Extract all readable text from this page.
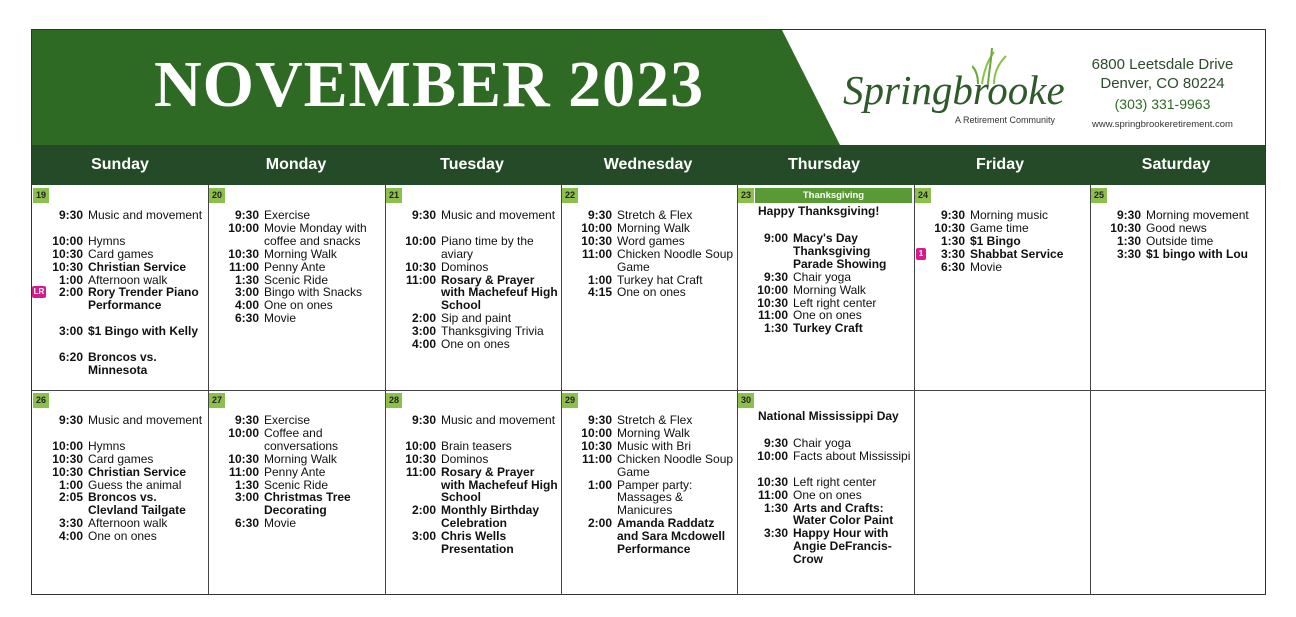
NOVEMBER 2023	Springbrooke
A Retirement Community
6800 Leetsdale Drive
Denver, CO 80224
(303) 331-9963
www.springbrookeretirement.com
Sunday	Monday	Tuesday	Wednesday	Thursday	Friday	Saturday
19
9:30 Music and movement
10:00 Hymns
10:30 Card games
10:30 Christian Service
1:00 Afternoon walk
2:00 Rory Trender Piano Performance
3:00 $1 Bingo with Kelly
6:20 Broncos vs. Minnesota
LR
20
9:30 Exercise
10:00 Movie Monday with coffee and snacks
10:30 Morning Walk
11:00 Penny Ante
1:30 Scenic Ride
3:00 Bingo with Snacks
4:00 One on ones
6:30 Movie
21
9:30 Music and movement
10:00 Piano time by the aviary
10:30 Dominos
11:00 Rosary & Prayer with Machefeuf High School
2:00 Sip and paint
3:00 Thanksgiving Trivia
4:00 One on ones
22
9:30 Stretch & Flex
10:00 Morning Walk
10:30 Word games
11:00 Chicken Noodle Soup Game
1:00 Turkey hat Craft
4:15 One on ones
23	Thanksgiving
Happy Thanksgiving!
9:00 Macy's Day Thanksgiving Parade Showing
9:30 Chair yoga
10:00 Morning Walk
10:30 Left right center
11:00 One on ones
1:30 Turkey Craft
24
9:30 Morning music
10:30 Game time
1:30 $1 Bingo
3:30 Shabbat Service
6:30 Movie
1
25
9:30 Morning movement
10:30 Good news
1:30 Outside time
3:30 $1 bingo with Lou
26
9:30 Music and movement
10:00 Hymns
10:30 Card games
10:30 Christian Service
1:00 Guess the animal
2:05 Broncos vs. Clevland Tailgate
3:30 Afternoon walk
4:00 One on ones
27
9:30 Exercise
10:00 Coffee and conversations
10:30 Morning Walk
11:00 Penny Ante
1:30 Scenic Ride
3:00 Christmas Tree Decorating
6:30 Movie
28
9:30 Music and movement
10:00 Brain teasers
10:30 Dominos
11:00 Rosary & Prayer with Machefeuf High School
2:00 Monthly Birthday Celebration
3:00 Chris Wells Presentation
29
9:30 Stretch & Flex
10:00 Morning Walk
10:30 Music with Bri
11:00 Chicken Noodle Soup Game
1:00 Pamper party: Massages & Manicures
2:00 Amanda Raddatz and Sara Mcdowell Performance
30
National Mississippi Day
9:30 Chair yoga
10:00 Facts about Mississipi
10:30 Left right center
11:00 One on ones
1:30 Arts and Crafts: Water Color Paint
3:30 Happy Hour with Angie DeFrancis-Crow
